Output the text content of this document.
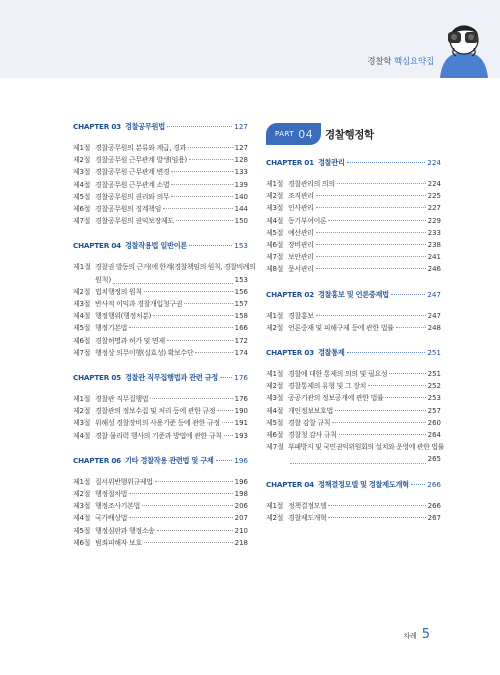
경찰학 핵심요약집
CHAPTER 03 경찰공무원법	127
제1절 경찰공무원의 분류와 계급, 경과	127
제2절 경찰공무원 근무관계 발생(임용)	128
제3절 경찰공무원 근무관계 변경	133
제4절 경찰공무원 근무관계 소멸	139
제5절 경찰공무원의 권리와 의무	140
제6절 경찰공무원의 징계책임	144
제7절 경찰공무원의 권익보장제도	150
CHAPTER 04 경찰작용법 일반이론	153
제1절 경찰권 발동의 근거(에 한계(경찰책임의 원칙, 경찰비례의
원칙)	153
제2절 법치행정의 원칙	156
제3절 반사적 이익과 경찰개입청구권	157
제4절 행정행위(행정처분)	158
제5절 행정기본법	166
제6절 경찰허명과 허가 및 면제	172
제7절 행정상 의무이행(실효성) 확보수단	174
CHAPTER 05 경찰관 직무집행법과 관련 규정 176
제1절 경찰관 직무집행법	176
제2절 경찰관의 정보수집 및 처리 등에 관한 규정	190
제3절 위해성 경찰장비의 사용기준 등에 관한 규정 191
제4절 경찰 물리력 행사의 기준과 방법에 관한 규칙 193
CHAPTER 06 기타 경찰작용 관련법 및 구제	196
제1절 질서위반행위규제법	196
제2절 행정절차법	198
제3절 행정조사기본법	206
제4절 국가배상법	207
제5절 행정심판과 행정소송	210
제6절 범죄피해자 보호	218
PART 04 경찰행정학
CHAPTER 01 경찰관리	224
제1절 경찰관리의 의의	224
제2절 조직관리	225
제3절 인사관리	227
제4절 동기부여이론	229
제5절 예산관리	233
제6절 장비관리	238
제7절 보안관리	241
제8절 문서관리	246
CHAPTER 02 경찰홍보 및 언론중재법	247
제1절 경찰홍보	247
제2절 언론중재 및 피해구제 등에 관한 법률	248
CHAPTER 03 경찰통제	251
제1절 경찰에 대한 통제의 의의 및 필요성	251
제2절 경찰통제의 유형 및 그 장치	252
제3절 공공기관의 정보공개에 관한 법률	253
제4절 개인정보보호법	257
제5절 경찰 감찰 규칙	260
제6절 경찰청 감사 규칙	264
제7절 부패방지 및 국민권익위원회의 설치와 운영에 관한 법률
265
CHAPTER 04 정책결정모델 및 경찰제도개혁	266
제1절 정책결정모델	266
제2절 경찰제도개혁	267
차례 5
